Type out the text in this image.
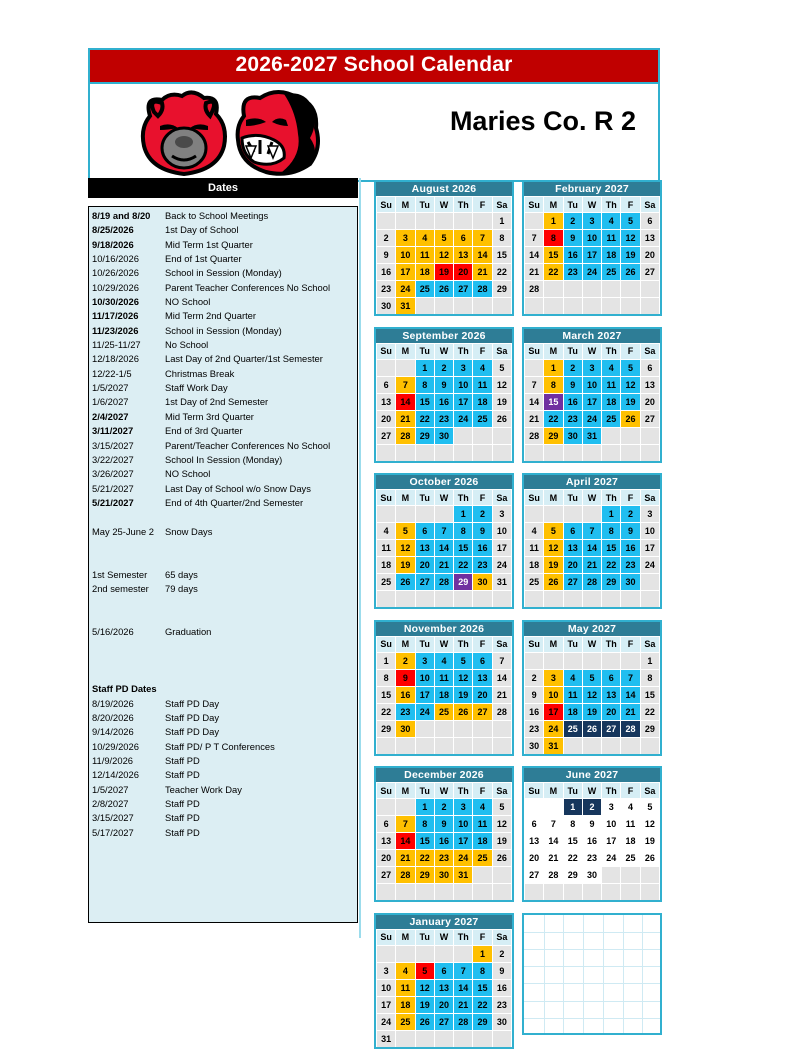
2026-2027 School Calendar
Maries Co. R 2
Dates
8/19 and 8/20	Back to School Meetings
8/25/2026	1st Day of School
9/18/2026	Mid Term 1st Quarter
10/16/2026	End of 1st Quarter
10/26/2026	School in Session (Monday)
10/29/2026	Parent Teacher Conferences No School
10/30/2026	NO School
11/17/2026	Mid Term 2nd Quarter
11/23/2026	School in Session (Monday)
11/25-11/27	No School
12/18/2026	Last Day of 2nd Quarter/1st Semester
12/22-1/5	Christmas Break
1/5/2027	Staff Work Day
1/6/2027	1st Day of 2nd Semester
2/4/2027	Mid Term 3rd Quarter
3/11/2027	End of 3rd Quarter
3/15/2027	Parent/Teacher Conferences No School
3/22/2027	School In Session (Monday)
3/26/2027	NO School
5/21/2027	Last Day of School w/o Snow Days
5/21/2027	End of 4th Quarter/2nd Semester
May 25-June 2	Snow Days
1st Semester	65 days
2nd semester	79 days
5/16/2026	Graduation
Staff PD Dates
8/19/2026	Staff PD Day
8/20/2026	Staff PD Day
9/14/2026	Staff PD Day
10/29/2026	Staff PD/ P T Conferences
11/9/2026	Staff PD
12/14/2026	Staff PD
1/5/2027	Teacher Work Day
2/8/2027	Staff PD
3/15/2027	Staff PD
5/17/2027	Staff PD
August 2026
Su	M	Tu	W	Th	F	Sa
						1
2	3	4	5	6	7	8
9	10	11	12	13	14	15
16	17	18	19	20	21	22
23	24	25	26	27	28	29
30	31					
September 2026
Su	M	Tu	W	Th	F	Sa
		1	2	3	4	5
6	7	8	9	10	11	12
13	14	15	16	17	18	19
20	21	22	23	24	25	26
27	28	29	30			

October 2026
Su	M	Tu	W	Th	F	Sa
				1	2	3
4	5	6	7	8	9	10
11	12	13	14	15	16	17
18	19	20	21	22	23	24
25	26	27	28	29	30	31

November 2026
Su	M	Tu	W	Th	F	Sa
1	2	3	4	5	6	7
8	9	10	11	12	13	14
15	16	17	18	19	20	21
22	23	24	25	26	27	28
29	30					

December 2026
Su	M	Tu	W	Th	F	Sa
		1	2	3	4	5
6	7	8	9	10	11	12
13	14	15	16	17	18	19
20	21	22	23	24	25	26
27	28	29	30	31		

January 2027
Su	M	Tu	W	Th	F	Sa
					1	2
3	4	5	6	7	8	9
10	11	12	13	14	15	16
17	18	19	20	21	22	23
24	25	26	27	28	29	30
31						
February 2027
Su	M	Tu	W	Th	F	Sa
	1	2	3	4	5	6
7	8	9	10	11	12	13
14	15	16	17	18	19	20
21	22	23	24	25	26	27
28						

March 2027
Su	M	Tu	W	Th	F	Sa
	1	2	3	4	5	6
7	8	9	10	11	12	13
14	15	16	17	18	19	20
21	22	23	24	25	26	27
28	29	30	31			

April 2027
Su	M	Tu	W	Th	F	Sa
				1	2	3
4	5	6	7	8	9	10
11	12	13	14	15	16	17
18	19	20	21	22	23	24
25	26	27	28	29	30	

May 2027
Su	M	Tu	W	Th	F	Sa
						1
2	3	4	5	6	7	8
9	10	11	12	13	14	15
16	17	18	19	20	21	22
23	24	25	26	27	28	29
30	31					
June 2027
Su	M	Tu	W	Th	F	Sa
		1	2	3	4	5
6	7	8	9	10	11	12
13	14	15	16	17	18	19
20	21	22	23	24	25	26
27	28	29	30			
